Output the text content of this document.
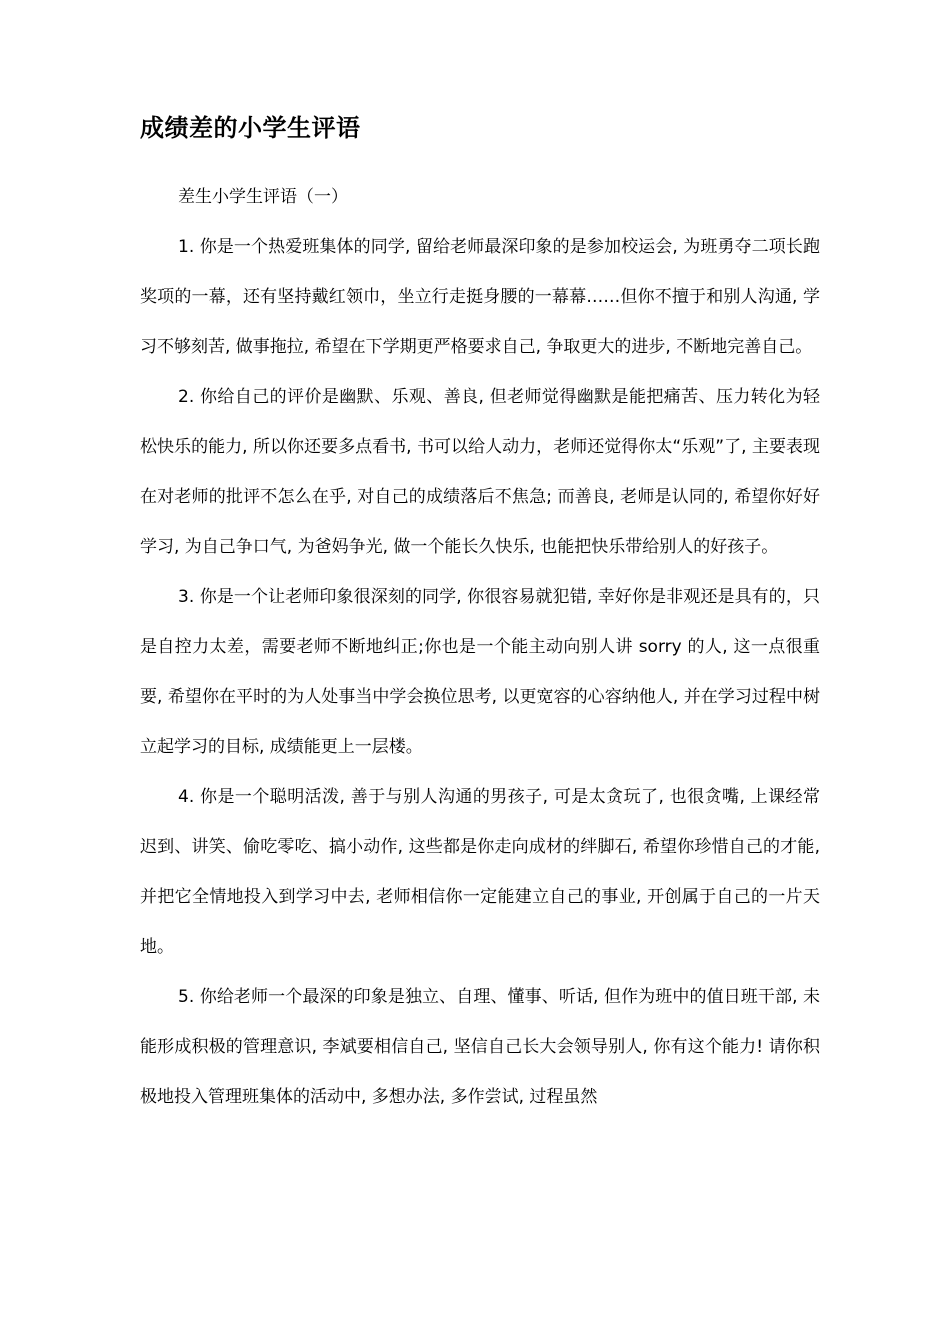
成绩差的小学生评语

差生小学生评语（一）

1. 你是一个热爱班集体的同学, 留给老师最深印象的是参加校运会, 为班勇夺二项长跑奖项的一幕，还有坚持戴红领巾，坐立行走挺身腰的一幕幕……但你不擅于和别人沟通, 学习不够刻苦, 做事拖拉, 希望在下学期更严格要求自己, 争取更大的进步, 不断地完善自己。

2. 你给自己的评价是幽默、乐观、善良, 但老师觉得幽默是能把痛苦、压力转化为轻松快乐的能力, 所以你还要多点看书, 书可以给人动力，老师还觉得你太“乐观”了, 主要表现在对老师的批评不怎么在乎, 对自己的成绩落后不焦急; 而善良, 老师是认同的, 希望你好好学习, 为自己争口气, 为爸妈争光, 做一个能长久快乐, 也能把快乐带给别人的好孩子。

3. 你是一个让老师印象很深刻的同学, 你很容易就犯错, 幸好你是非观还是具有的，只是自控力太差，需要老师不断地纠正;你也是一个能主动向别人讲 sorry 的人, 这一点很重要, 希望你在平时的为人处事当中学会换位思考, 以更宽容的心容纳他人, 并在学习过程中树立起学习的目标, 成绩能更上一层楼。

4. 你是一个聪明活泼, 善于与别人沟通的男孩子, 可是太贪玩了, 也很贪嘴, 上课经常迟到、讲笑、偷吃零吃、搞小动作, 这些都是你走向成材的绊脚石, 希望你珍惜自己的才能, 并把它全情地投入到学习中去, 老师相信你一定能建立自己的事业, 开创属于自己的一片天地。

5. 你给老师一个最深的印象是独立、自理、懂事、听话, 但作为班中的值日班干部, 未能形成积极的管理意识, 李斌要相信自己, 坚信自己长大会领导别人, 你有这个能力! 请你积极地投入管理班集体的活动中, 多想办法, 多作尝试, 过程虽然
